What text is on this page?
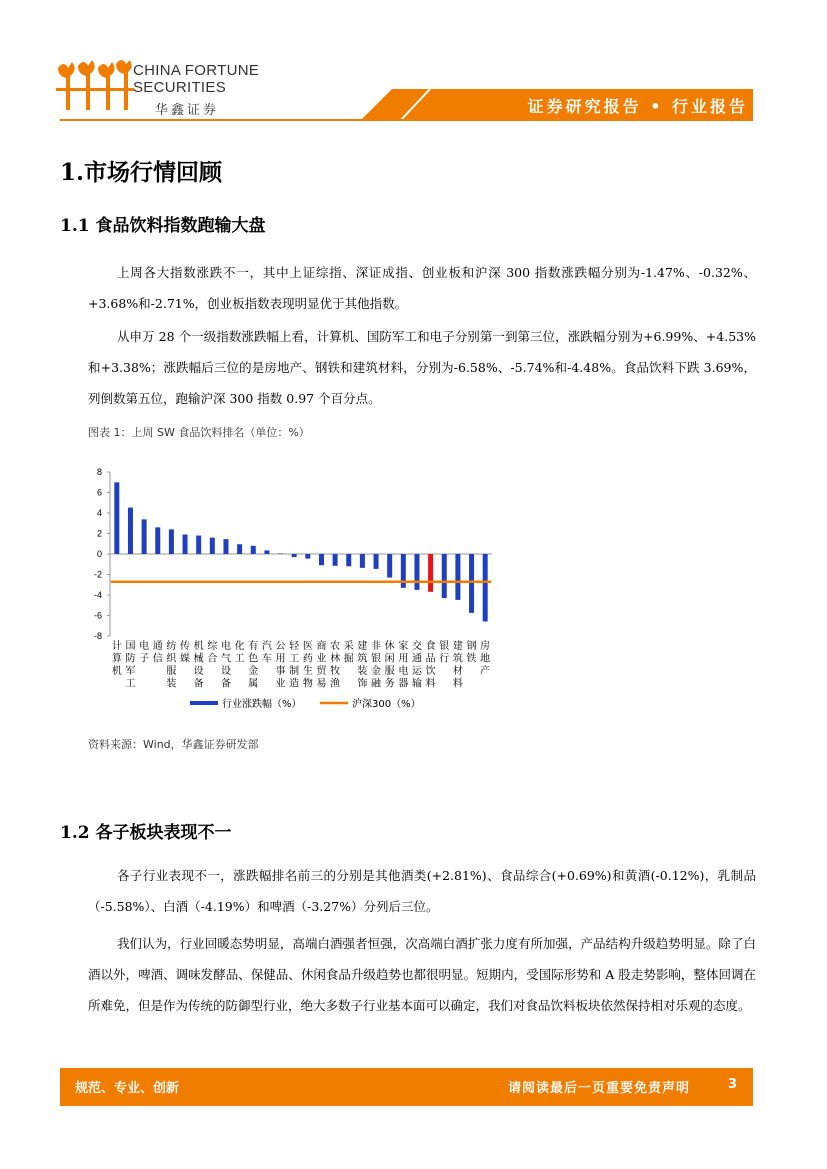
CHINA FORTUNE
SECURITIES
华鑫证券	证券研究报告 • 行业报告
1.市场行情回顾
1.1 食品饮料指数跑输大盘
上周各大指数涨跌不一，其中上证综指、深证成指、创业板和沪深 300 指数涨跌幅分别为-1.47%、-0.32%、+3.68%和-2.71%，创业板指数表现明显优于其他指数。
从申万 28 个一级指数涨跌幅上看，计算机、国防军工和电子分别第一到第三位，涨跌幅分别为+6.99%、+4.53%和+3.38%；涨跌幅后三位的是房地产、钢铁和建筑材料，分别为-6.58%、-5.74%和-4.48%。食品饮料下跌 3.69%，列倒数第五位，跑输沪深 300 指数 0.97 个百分点。
图表 1：上周 SW 食品饮料排名（单位：%）
8
6
4
2
0
-2
-4
-6
-8
计算机
国防军工
电子
通信
纺织服装
传媒
机械设备
综合
电气设备
化工
有色金属
汽车
公用事业
轻工制造
医药生物
商业贸易
农林牧渔
采掘
建筑装饰
非银金融
休闲服务
家用电器
交通运输
食品饮料
银行
建筑材料
钢铁
房地产
行业涨跌幅（%）	沪深300（%）
资料来源：Wind，华鑫证券研发部
1.2 各子板块表现不一
各子行业表现不一，涨跌幅排名前三的分别是其他酒类(+2.81%)、食品综合(+0.69%)和黄酒(-0.12%)，乳制品（-5.58%）、白酒（-4.19%）和啤酒（-3.27%）分列后三位。
我们认为，行业回暖态势明显，高端白酒强者恒强，次高端白酒扩张力度有所加强，产品结构升级趋势明显。除了白酒以外，啤酒、调味发酵品、保健品、休闲食品升级趋势也都很明显。短期内，受国际形势和 A 股走势影响，整体回调在所难免，但是作为传统的防御型行业，绝大多数子行业基本面可以确定，我们对食品饮料板块依然保持相对乐观的态度。
规范、专业、创新	请阅读最后一页重要免责声明	3
